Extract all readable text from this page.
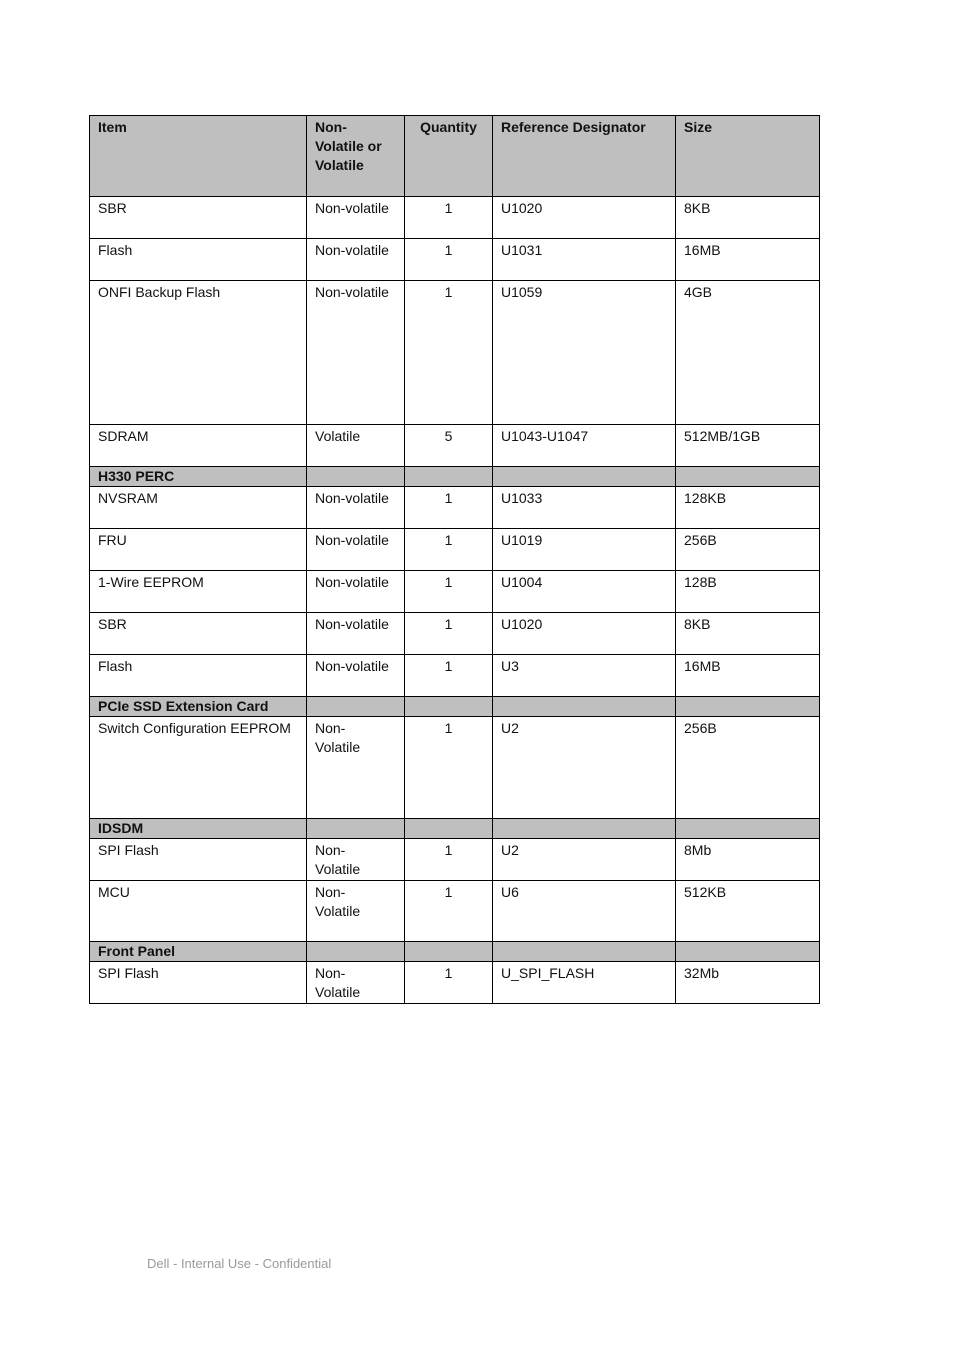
Item	Non-
Volatile or
Volatile	Quantity	Reference Designator	Size
SBR	Non-volatile	1	U1020	8KB
Flash	Non-volatile	1	U1031	16MB
ONFI Backup Flash	Non-volatile	1	U1059	4GB
SDRAM	Volatile	5	U1043-U1047	512MB/1GB
H330 PERC				
NVSRAM	Non-volatile	1	U1033	128KB
FRU	Non-volatile	1	U1019	256B
1-Wire EEPROM	Non-volatile	1	U1004	128B
SBR	Non-volatile	1	U1020	8KB
Flash	Non-volatile	1	U3	16MB
PCIe SSD Extension Card				
Switch Configuration EEPROM	Non-
Volatile	1	U2	256B
IDSDM				
SPI Flash	Non-
Volatile	1	U2	8Mb
MCU	Non-
Volatile	1	U6	512KB
Front Panel				
SPI Flash	Non-
Volatile	1	U_SPI_FLASH	32Mb
Dell - Internal Use - Confidential
